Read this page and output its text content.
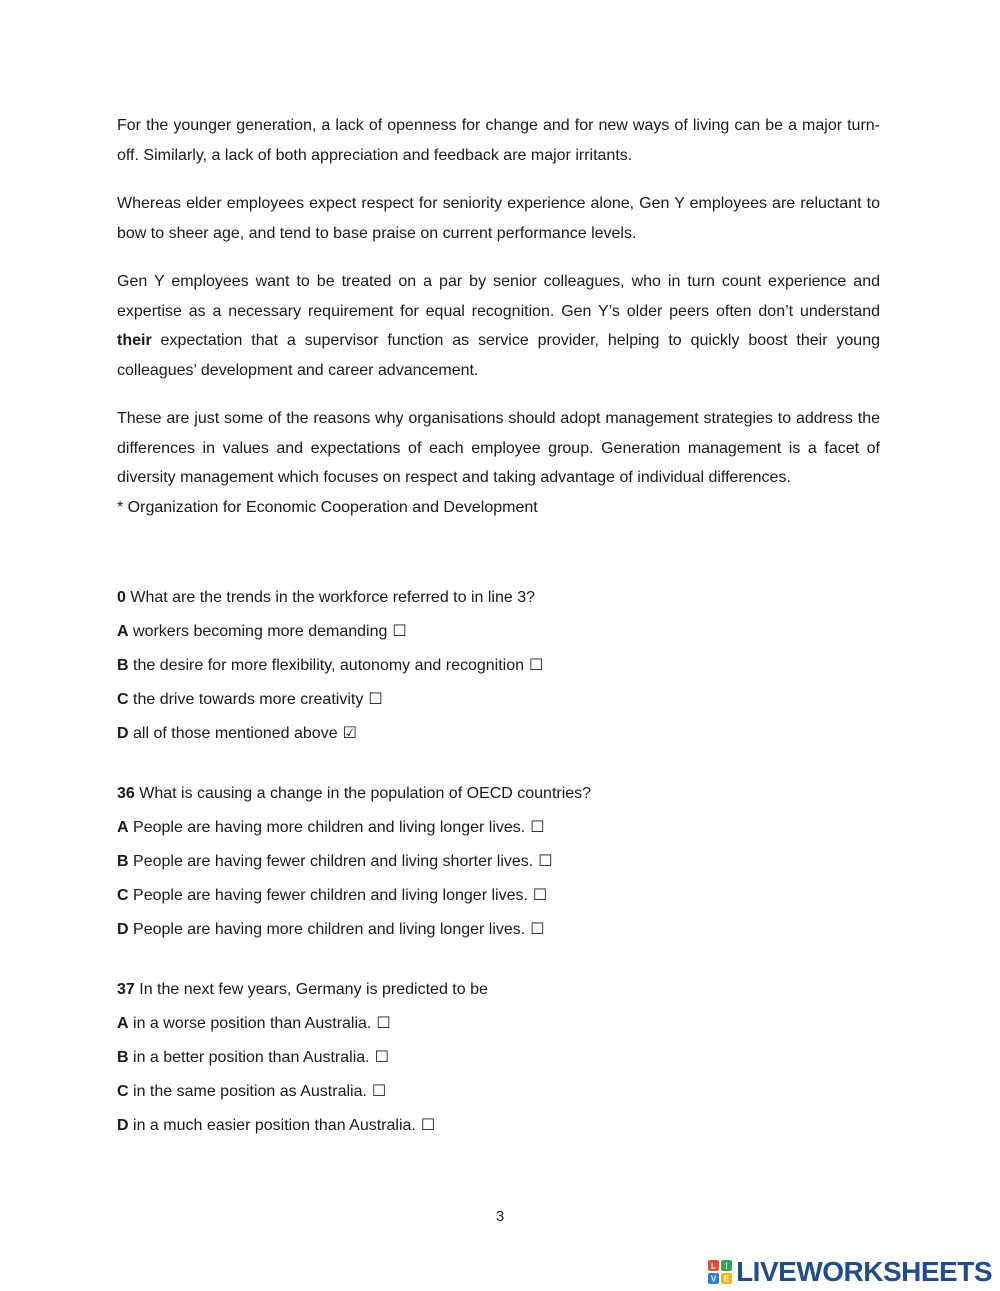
For the younger generation, a lack of openness for change and for new ways of living can be a major turn-off. Similarly, a lack of both appreciation and feedback are major irritants.

Whereas elder employees expect respect for seniority experience alone, Gen Y employees are reluctant to bow to sheer age, and tend to base praise on current performance levels.

Gen Y employees want to be treated on a par by senior colleagues, who in turn count experience and expertise as a necessary requirement for equal recognition. Gen Y’s older peers often don’t understand their expectation that a supervisor function as service provider, helping to quickly boost their young colleagues’ development and career advancement.

These are just some of the reasons why organisations should adopt management strategies to address the differences in values and expectations of each employee group. Generation management is a facet of diversity management which focuses on respect and taking advantage of individual differences.

* Organization for Economic Cooperation and Development

0 What are the trends in the workforce referred to in line 3?

A workers becoming more demanding ☐

B the desire for more flexibility, autonomy and recognition ☐

C the drive towards more creativity ☐

D all of those mentioned above ☑

36 What is causing a change in the population of OECD countries?

A People are having more children and living longer lives. ☐

B People are having fewer children and living shorter lives. ☐

C People are having fewer children and living longer lives. ☐

D People are having more children and living longer lives. ☐

37 In the next few years, Germany is predicted to be

A in a worse position than Australia. ☐

B in a better position than Australia. ☐

C in the same position as Australia. ☐

D in a much easier position than Australia. ☐

3
L I
V E LIVEWORKSHEETS
